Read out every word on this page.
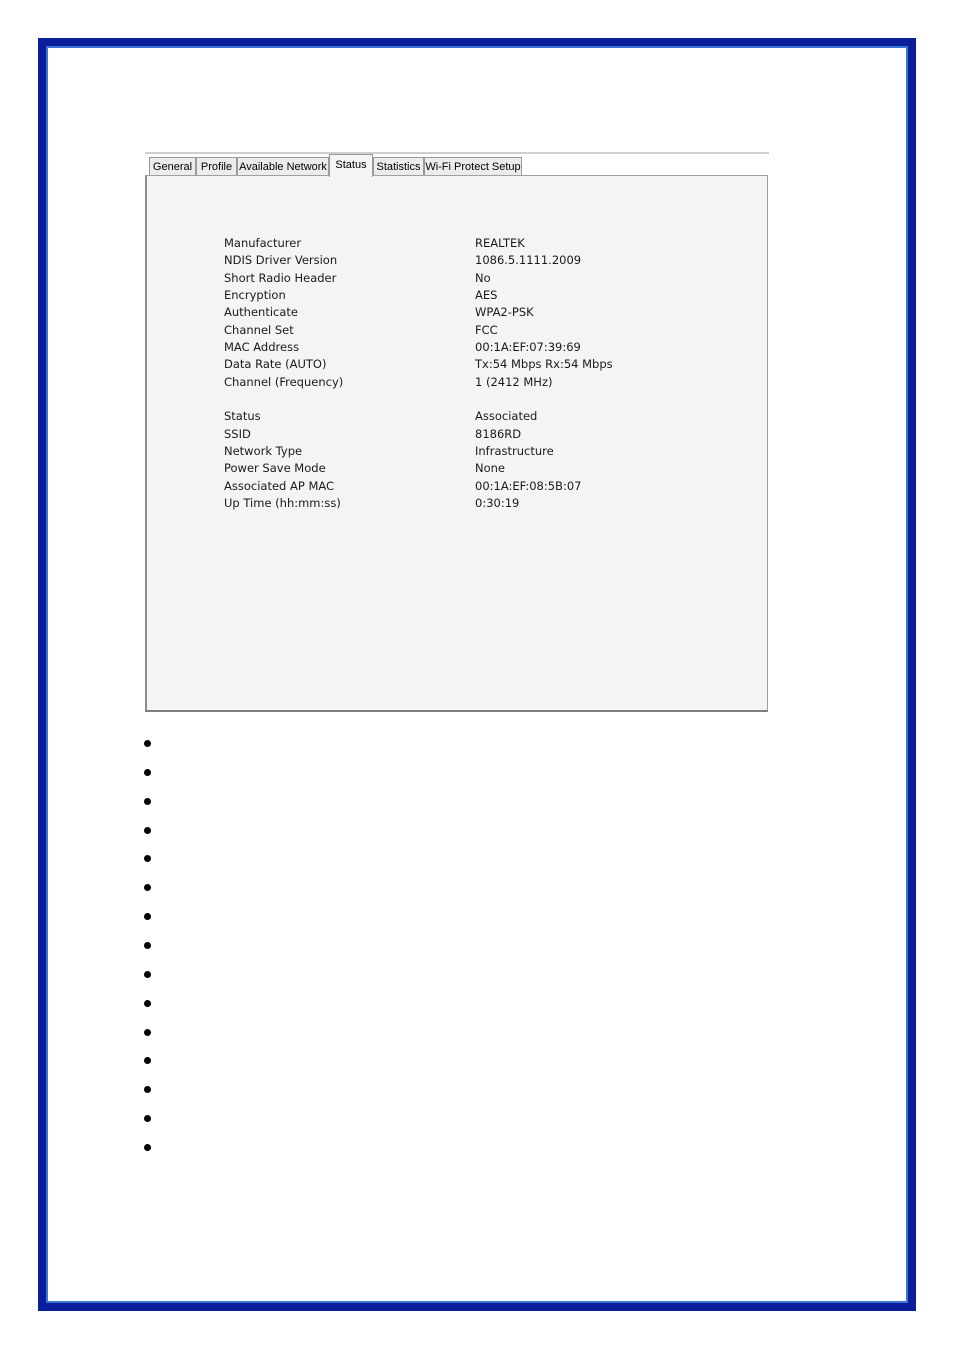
General Profile Available Network Status Statistics Wi-Fi Protect Setup
Manufacturer	REALTEK
NDIS Driver Version	1086.5.1111.2009
Short Radio Header	No
Encryption	AES
Authenticate	WPA2-PSK
Channel Set	FCC
MAC Address	00:1A:EF:07:39:69
Data Rate (AUTO)	Tx:54 Mbps Rx:54 Mbps
Channel (Frequency)	1 (2412 MHz)
Status	Associated
SSID	8186RD
Network Type	Infrastructure
Power Save Mode	None
Associated AP MAC	00:1A:EF:08:5B:07
Up Time (hh:mm:ss)	0:30:19
